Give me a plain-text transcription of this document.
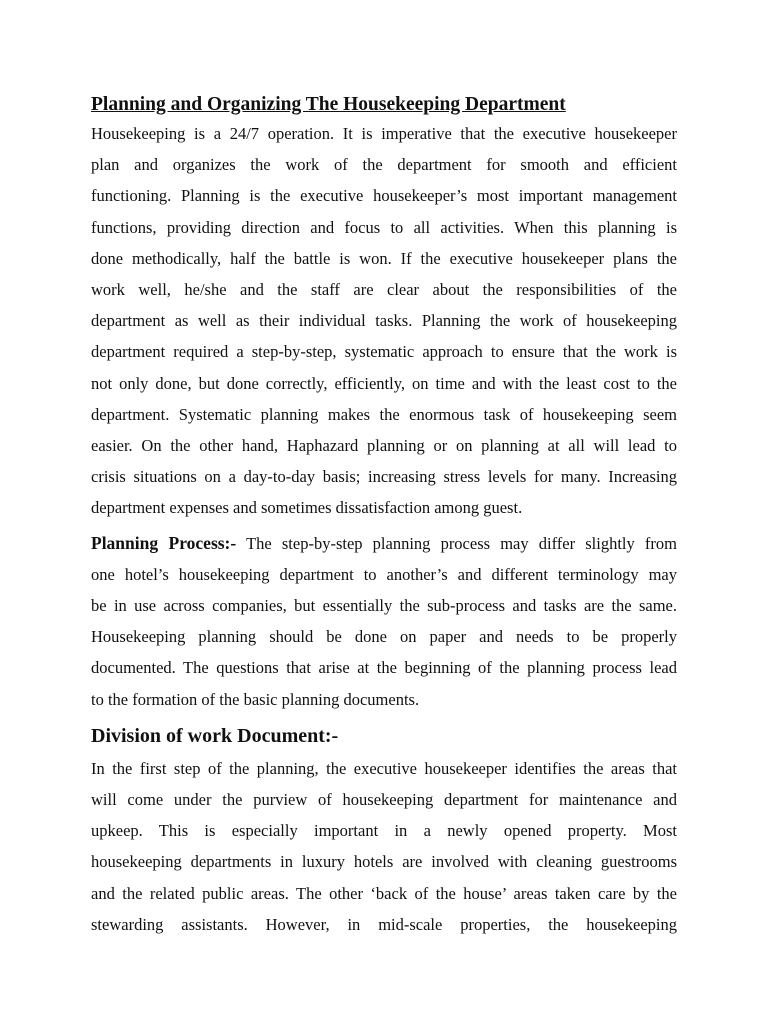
Planning and Organizing The Housekeeping Department
Housekeeping is a 24/7 operation. It is imperative that the executive housekeeper
plan and organizes the work of the department for smooth and efficient
functioning. Planning is the executive housekeeper’s most important management
functions, providing direction and focus to all activities. When this planning is
done methodically, half the battle is won. If the executive housekeeper plans the
work well, he/she and the staff are clear about the responsibilities of the
department as well as their individual tasks. Planning the work of housekeeping
department required a step-by-step, systematic approach to ensure that the work is
not only done, but done correctly, efficiently, on time and with the least cost to the
department. Systematic planning makes the enormous task of housekeeping seem
easier. On the other hand, Haphazard planning or on planning at all will lead to
crisis situations on a day-to-day basis; increasing stress levels for many. Increasing
department expenses and sometimes dissatisfaction among guest.
Planning Process:- The step-by-step planning process may differ slightly from
one hotel’s housekeeping department to another’s and different terminology may
be in use across companies, but essentially the sub-process and tasks are the same.
Housekeeping planning should be done on paper and needs to be properly
documented. The questions that arise at the beginning of the planning process lead
to the formation of the basic planning documents.
Division of work Document:-
In the first step of the planning, the executive housekeeper identifies the areas that
will come under the purview of housekeeping department for maintenance and
upkeep. This is especially important in a newly opened property. Most
housekeeping departments in luxury hotels are involved with cleaning guestrooms
and the related public areas. The other ‘back of the house’ areas taken care by the
stewarding assistants. However, in mid-scale properties, the housekeeping
